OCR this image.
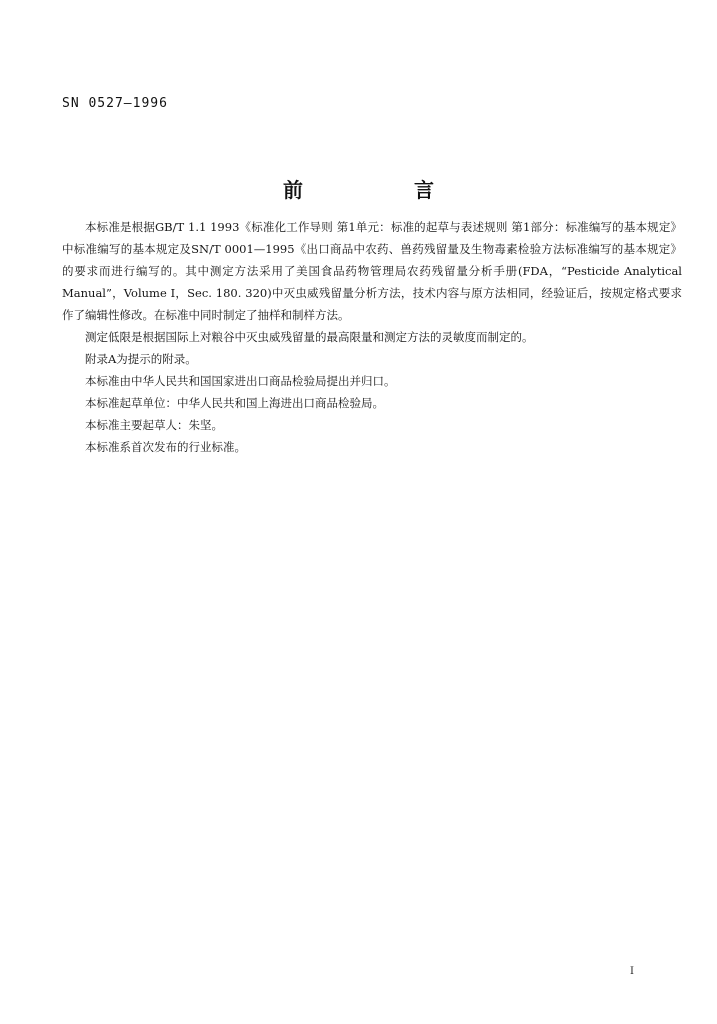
SN 0527—1996
前 言

本标准是根据GB/T 1.1 1993《标准化工作导则 第1单元：标准的起草与表述规则 第1部分：标准编写的基本规定》中标准编写的基本规定及SN/T 0001—1995《出口商品中农药、兽药残留量及生物毒素检验方法标准编写的基本规定》的要求而进行编写的。其中测定方法采用了美国食品药物管理局农药残留量分析手册(FDA，“Pesticide Analytical Manual”，Volume Ⅰ，Sec. 180. 320)中灭虫威残留量分析方法，技术内容与原方法相同，经验证后，按规定格式要求作了编辑性修改。在标准中同时制定了抽样和制样方法。

测定低限是根据国际上对粮谷中灭虫威残留量的最高限量和测定方法的灵敏度而制定的。

附录A为提示的附录。

本标准由中华人民共和国国家进出口商品检验局提出并归口。

本标准起草单位：中华人民共和国上海进出口商品检验局。

本标准主要起草人：朱坚。

本标准系首次发布的行业标准。

I
